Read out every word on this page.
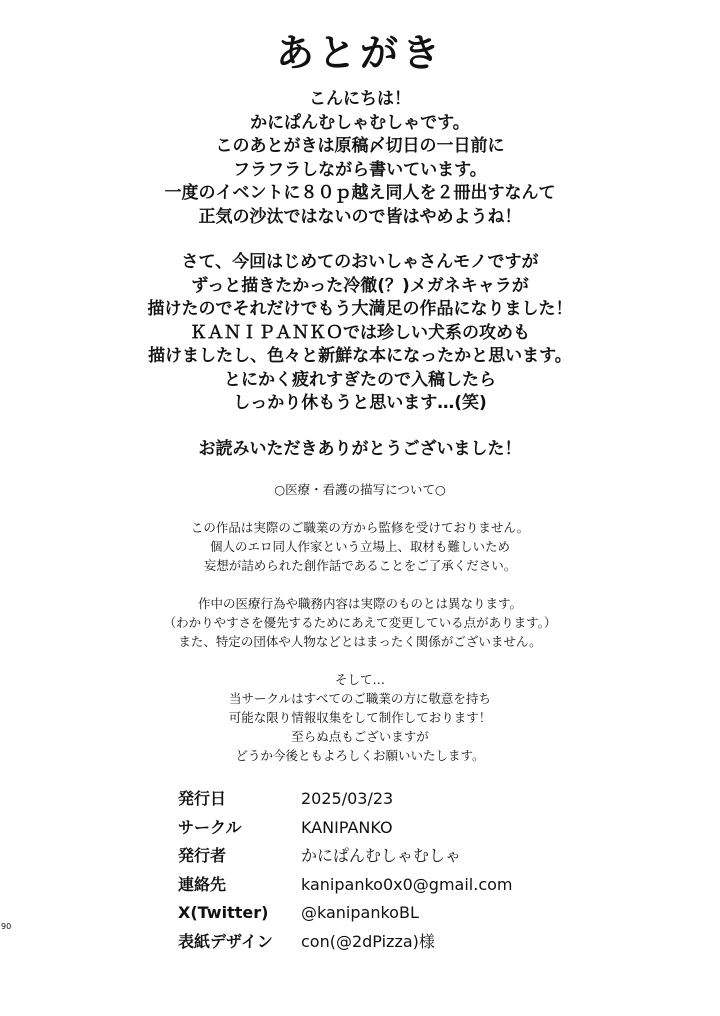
あとがき
こんにちは！
かにぱんむしゃむしゃです。
このあとがきは原稿〆切日の一日前に
フラフラしながら書いています。
一度のイベントに８０ｐ越え同人を２冊出すなんて
正気の沙汰ではないので皆はやめようね！
さて、今回はじめてのおいしゃさんモノですが
ずっと描きたかった冷徹(？)メガネキャラが
描けたのでそれだけでもう大満足の作品になりました！
ＫＡＮＩＰＡＮＫＯでは珍しい犬系の攻めも
描けましたし、色々と新鮮な本になったかと思います。
とにかく疲れすぎたので入稿したら
しっかり休もうと思います…(笑)
お読みいただきありがとうございました！
○医療・看護の描写について○
この作品は実際のご職業の方から監修を受けておりません。
個人のエロ同人作家という立場上、取材も難しいため
妄想が詰められた創作話であることをご了承ください。
作中の医療行為や職務内容は実際のものとは異なります。
（わかりやすさを優先するためにあえて変更している点があります。）
また、特定の団体や人物などとはまったく関係がございません。
そして…
当サークルはすべてのご職業の方に敬意を持ち
可能な限り情報収集をして制作しております！
至らぬ点もございますが
どうか今後ともよろしくお願いいたします。
発行日	2025/03/23
サークル	KANIPANKO
発行者	かにぱんむしゃむしゃ
連絡先	kanipanko0x0@gmail.com
X(Twitter)	@kanipankoBL
表紙デザイン	con(@2dPizza)様
90
